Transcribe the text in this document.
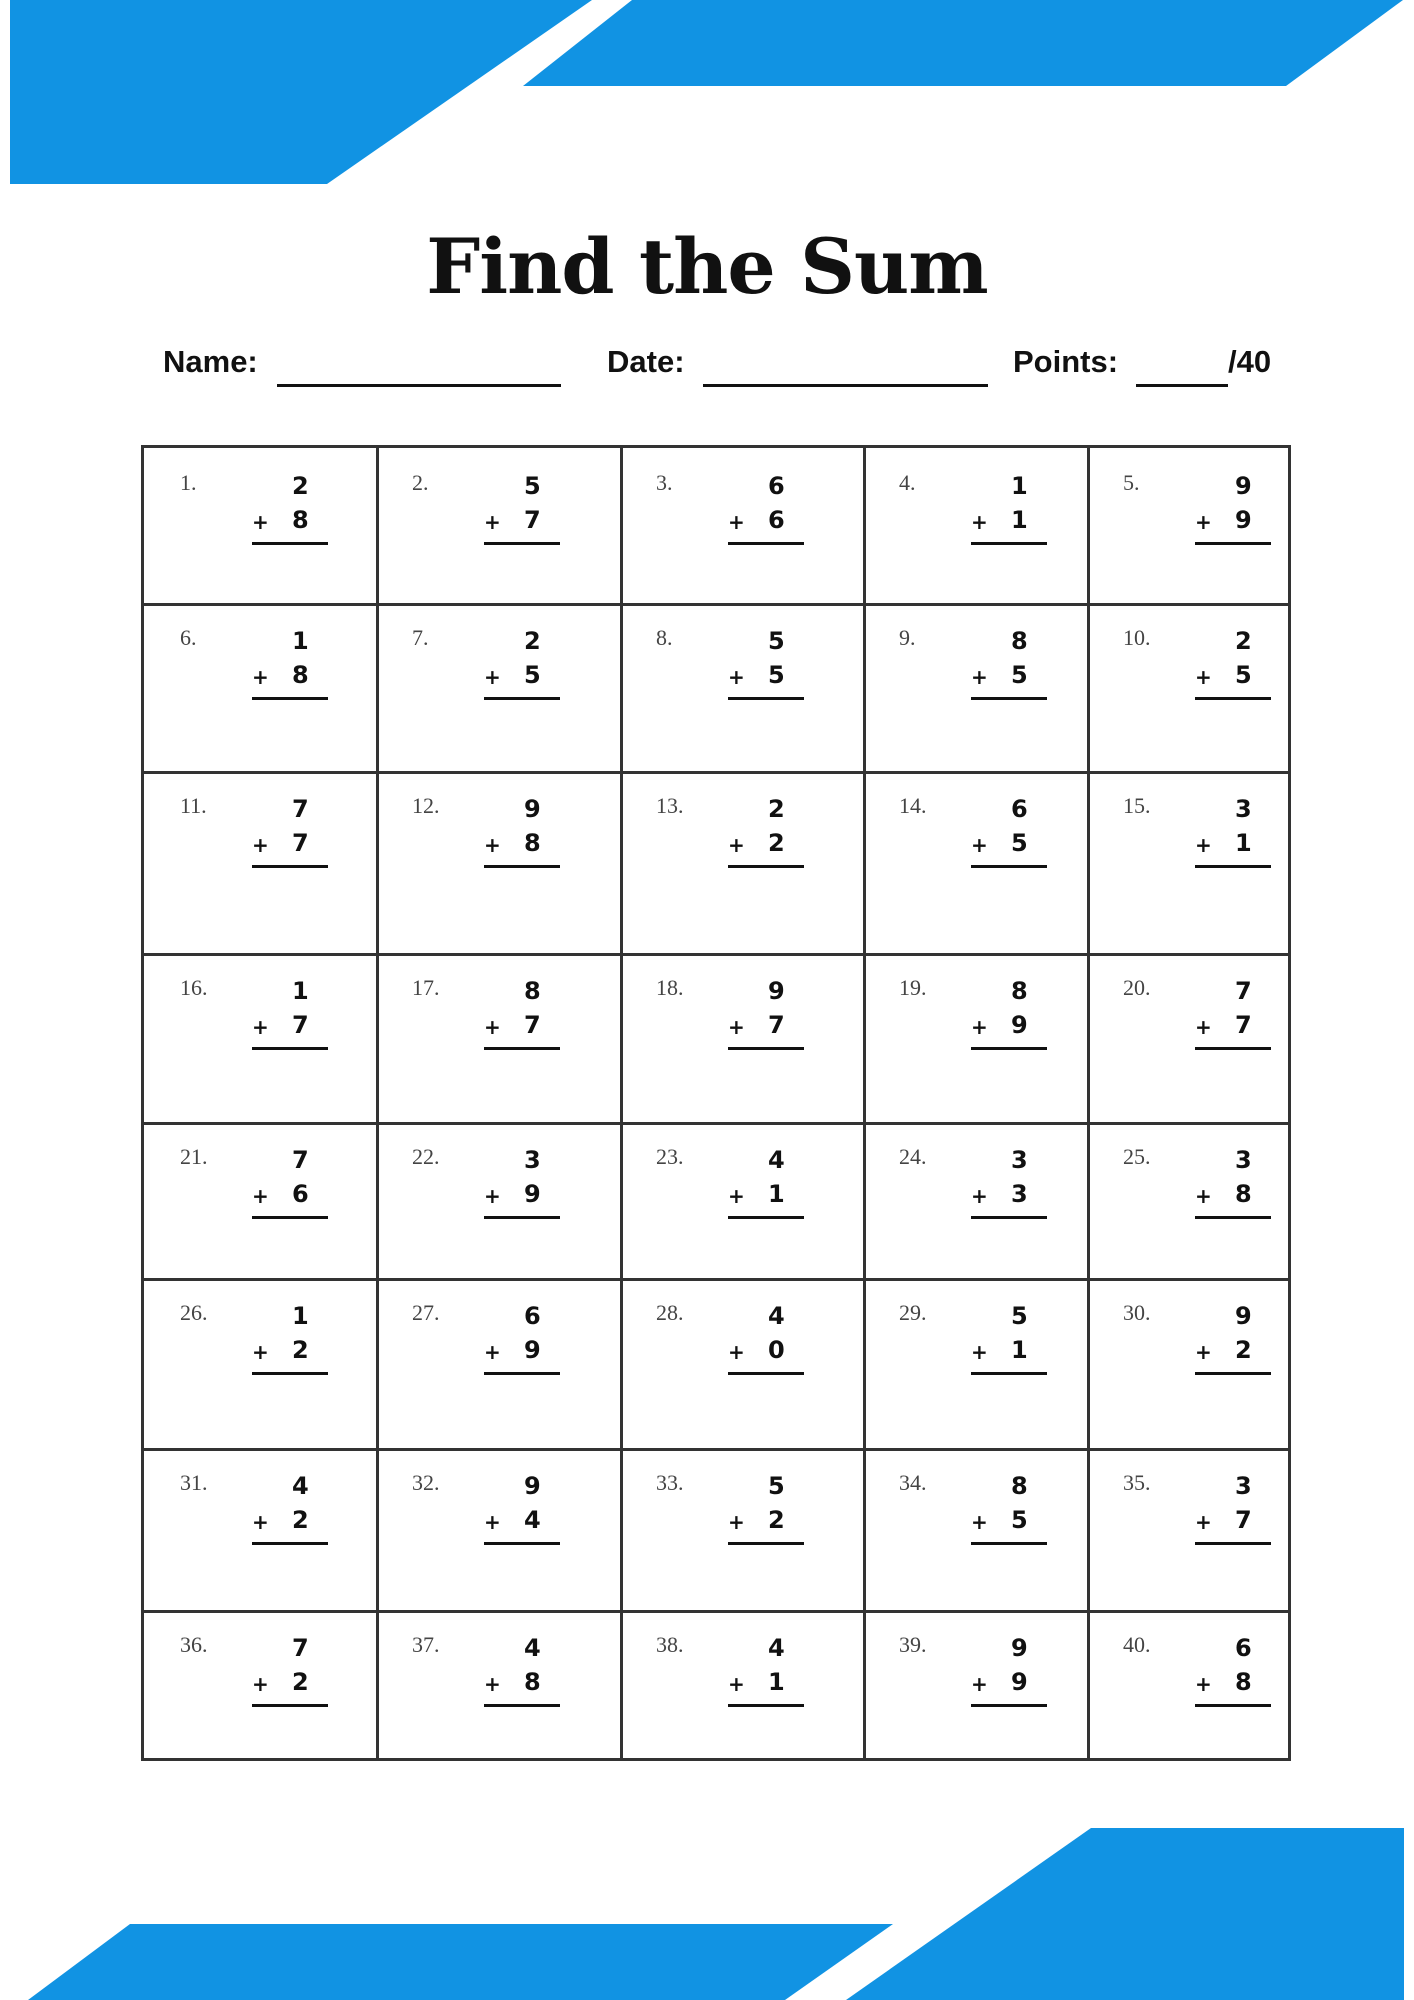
Find the Sum
Name:	Date:	Points:	/40
1.	2
+ 8
2.	5
+ 7
3.	6
+ 6
4.	1
+ 1
5.	9
+ 9
6.	1
+ 8
7.	2
+ 5
8.	5
+ 5
9.	8
+ 5
10.	2
+ 5
11.	7
+ 7
12.	9
+ 8
13.	2
+ 2
14.	6
+ 5
15.	3
+ 1
16.	1
+ 7
17.	8
+ 7
18.	9
+ 7
19.	8
+ 9
20.	7
+ 7
21.	7
+ 6
22.	3
+ 9
23.	4
+ 1
24.	3
+ 3
25.	3
+ 8
26.	1
+ 2
27.	6
+ 9
28.	4
+ 0
29.	5
+ 1
30.	9
+ 2
31.	4
+ 2
32.	9
+ 4
33.	5
+ 2
34.	8
+ 5
35.	3
+ 7
36.	7
+ 2
37.	4
+ 8
38.	4
+ 1
39.	9
+ 9
40.	6
+ 8
